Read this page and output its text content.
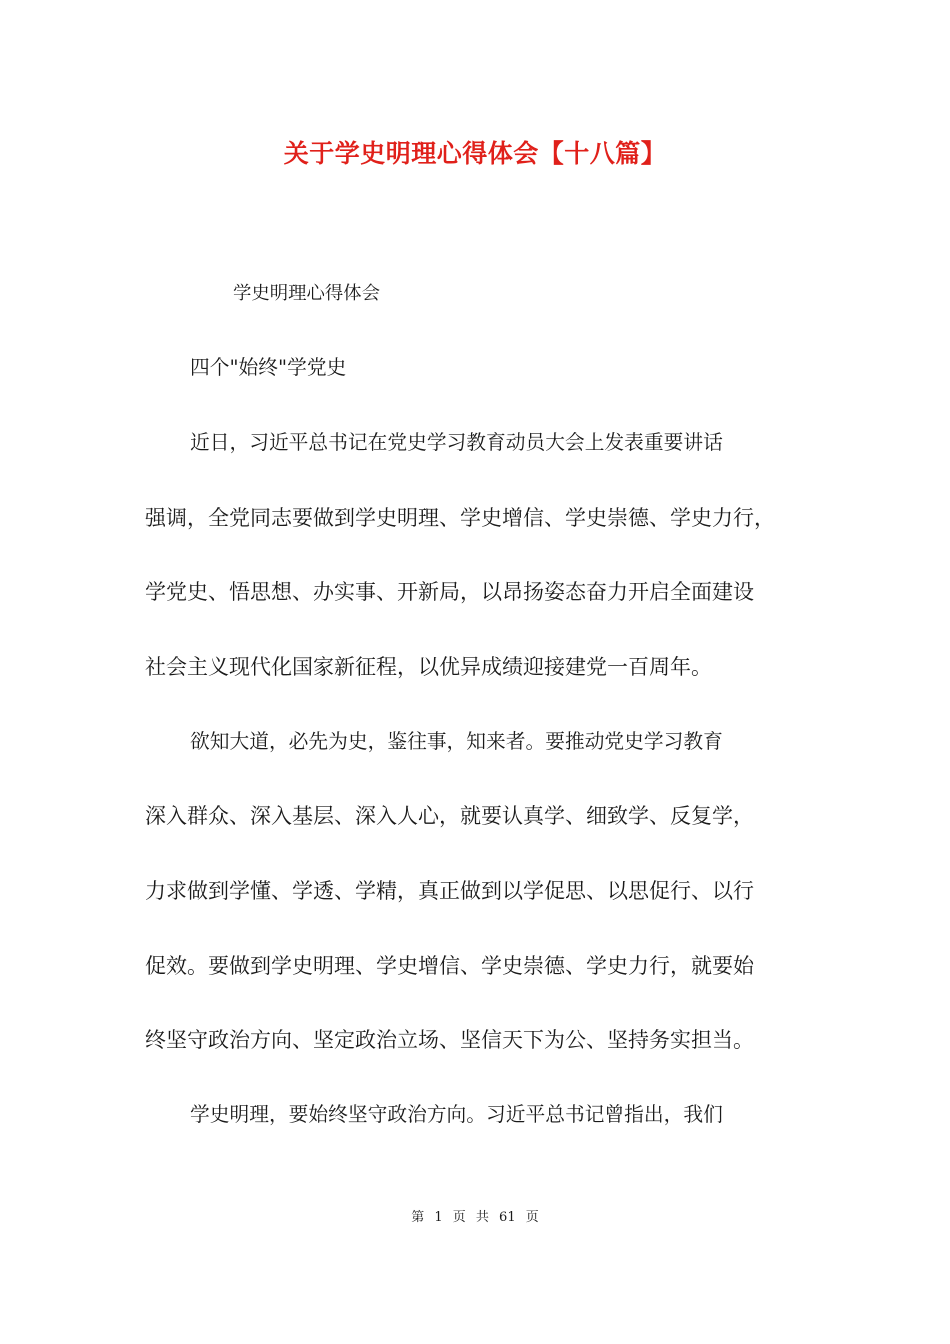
关于学史明理心得体会【十八篇】
学史明理心得体会
四个"始终"学党史
近日，习近平总书记在党史学习教育动员大会上发表重要讲话
强调，全党同志要做到学史明理、学史增信、学史崇德、学史力行，
学党史、悟思想、办实事、开新局，以昂扬姿态奋力开启全面建设
社会主义现代化国家新征程，以优异成绩迎接建党一百周年。
欲知大道，必先为史，鉴往事，知来者。要推动党史学习教育
深入群众、深入基层、深入人心，就要认真学、细致学、反复学，
力求做到学懂、学透、学精，真正做到以学促思、以思促行、以行
促效。要做到学史明理、学史增信、学史崇德、学史力行，就要始
终坚守政治方向、坚定政治立场、坚信天下为公、坚持务实担当。
学史明理，要始终坚守政治方向。习近平总书记曾指出，我们
第 1 页 共 61 页
